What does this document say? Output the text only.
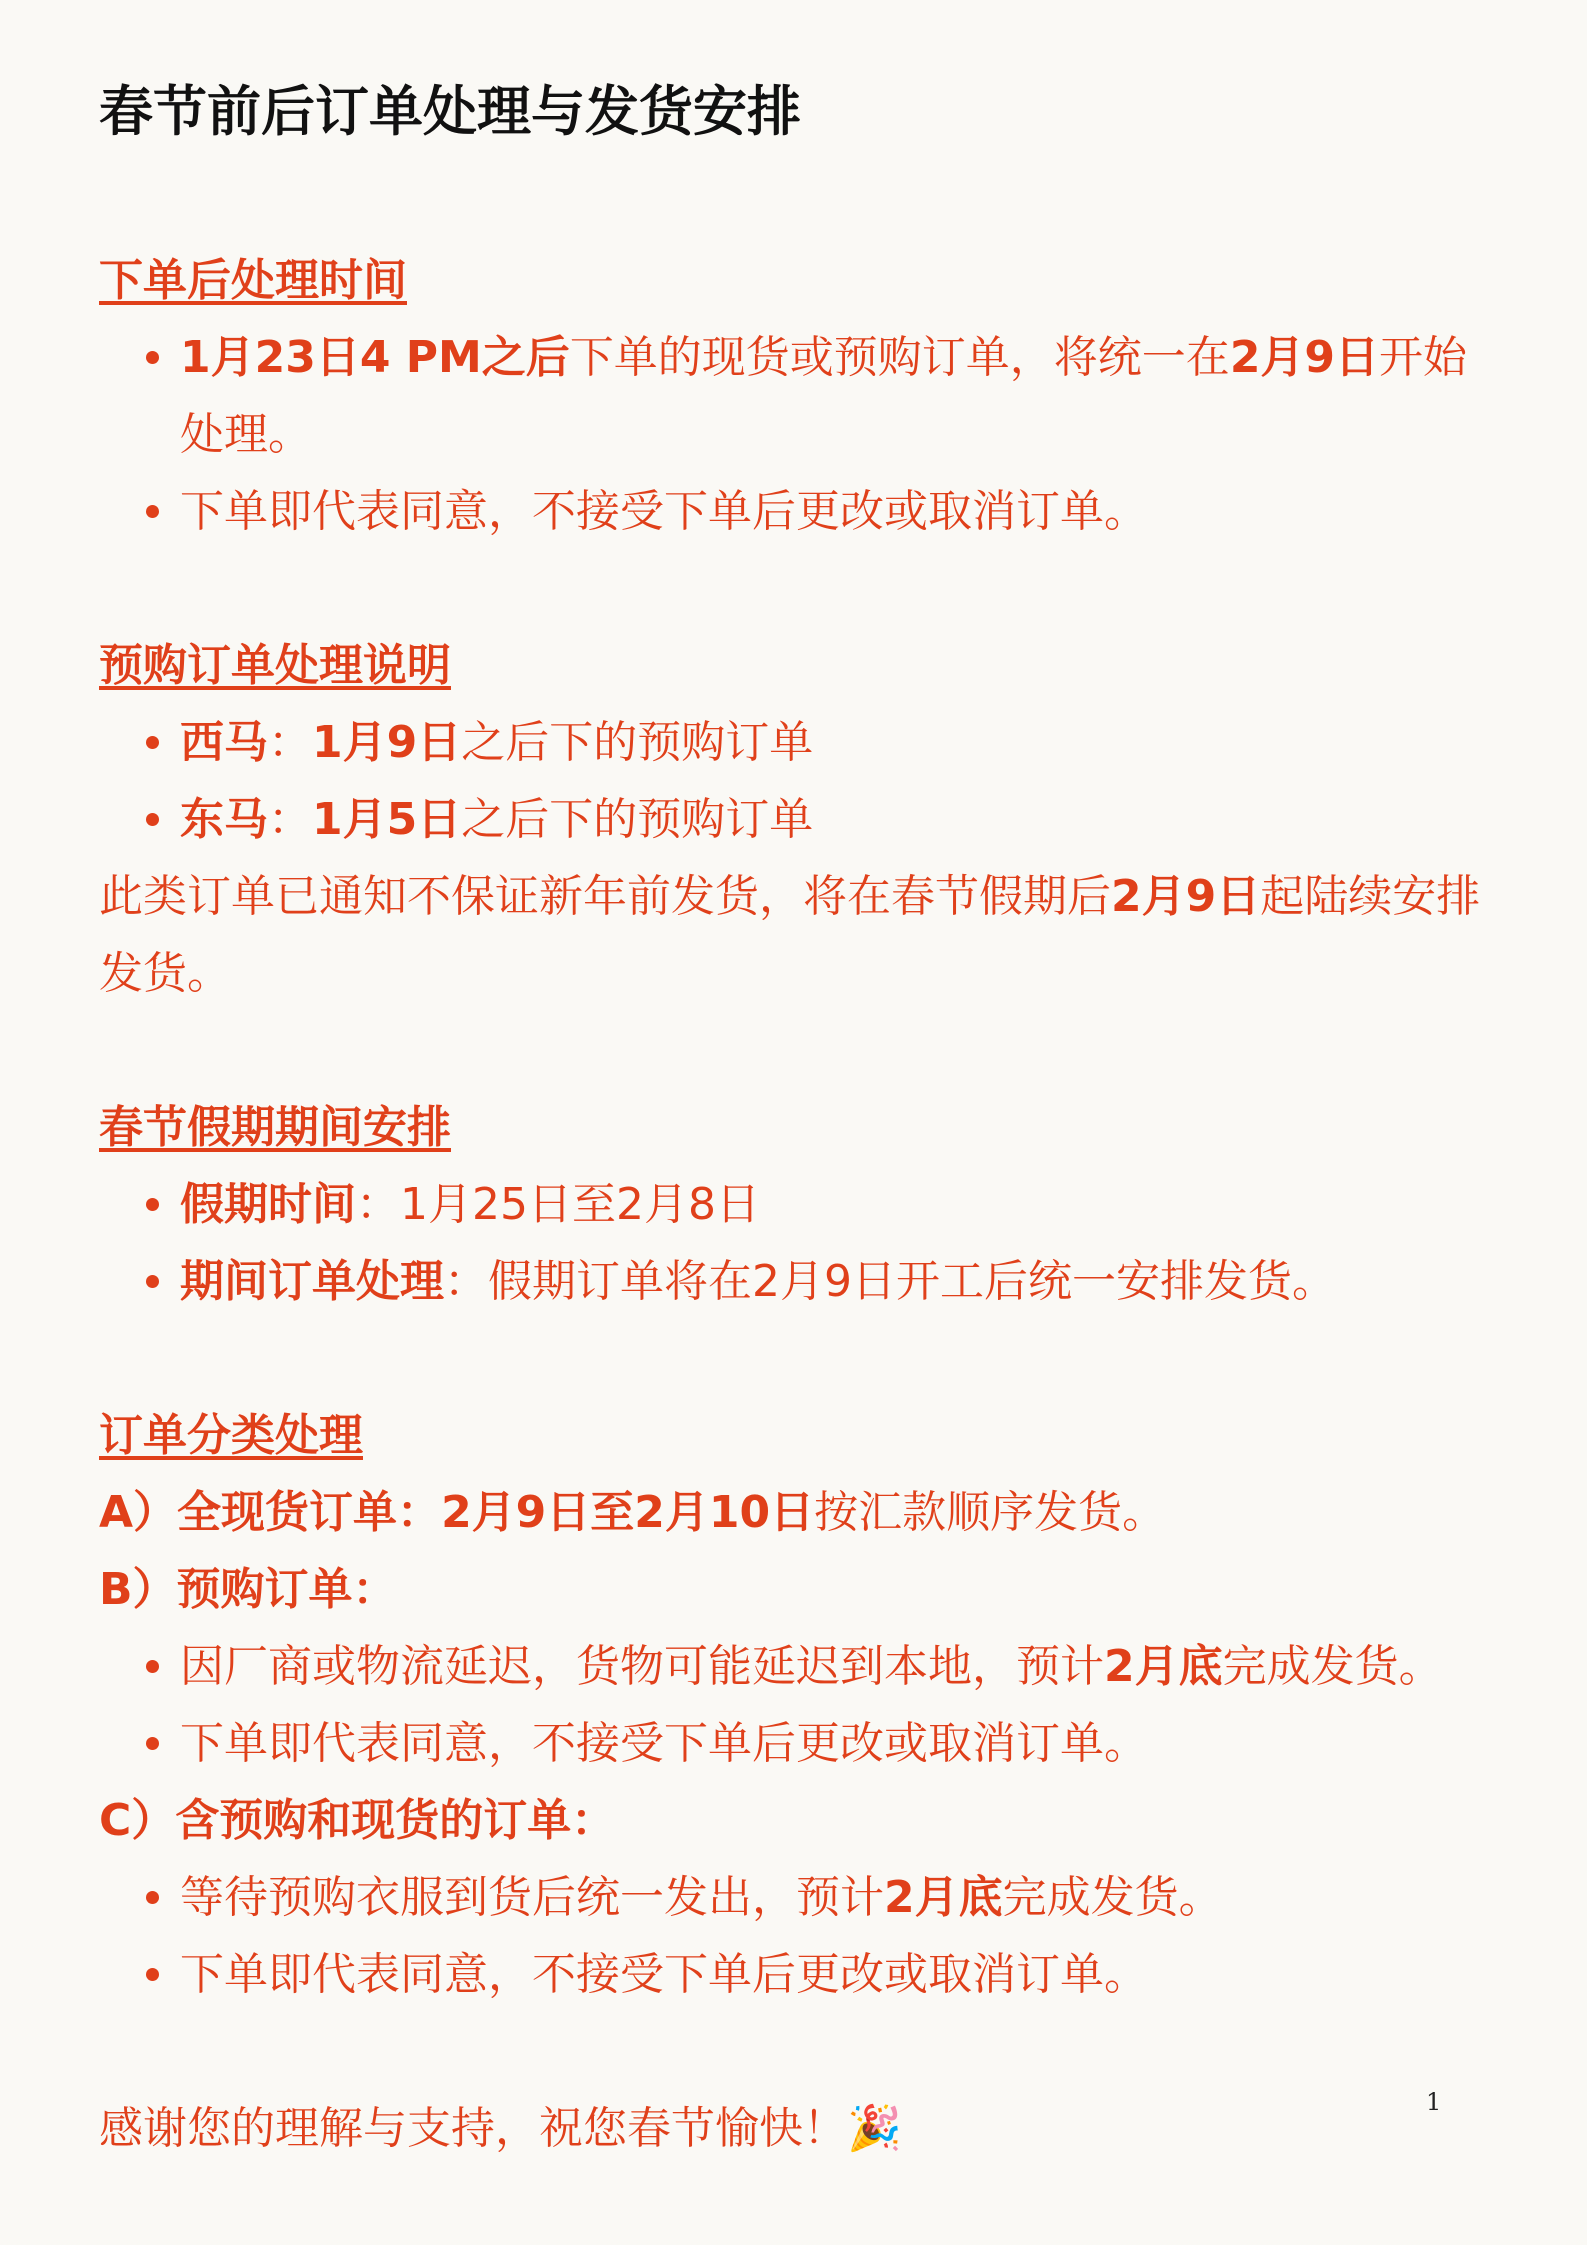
春节前后订单处理与发货安排

下单后处理时间

1月23日4 PM之后下单的现货或预购订单，将统一在2月9日开始处理。
下单即代表同意，不接受下单后更改或取消订单。

预购订单处理说明

西马：1月9日之后下的预购订单
东马：1月5日之后下的预购订单

此类订单已通知不保证新年前发货，将在春节假期后2月9日起陆续安排发货。

春节假期期间安排

假期时间：1月25日至2月8日
期间订单处理：假期订单将在2月9日开工后统一安排发货。

订单分类处理

A）全现货订单：2月9日至2月10日按汇款顺序发货。

B）预购订单：

因厂商或物流延迟，货物可能延迟到本地，预计2月底完成发货。
下单即代表同意，不接受下单后更改或取消订单。

C）含预购和现货的订单：

等待预购衣服到货后统一发出，预计2月底完成发货。
下单即代表同意，不接受下单后更改或取消订单。

感谢您的理解与支持，祝您春节愉快！🎉

1
